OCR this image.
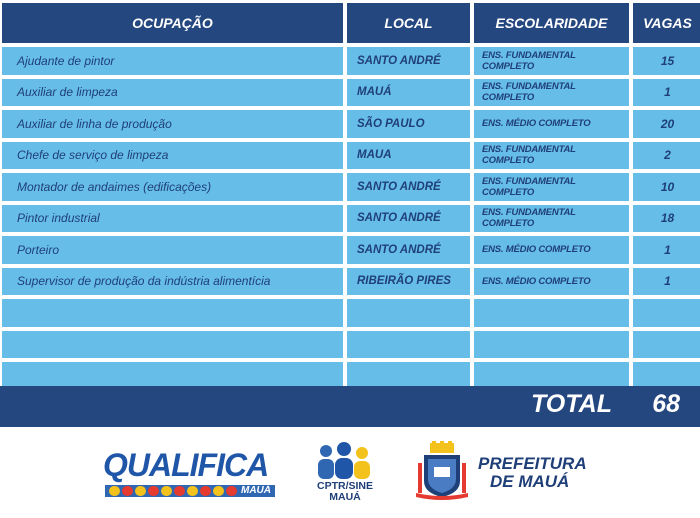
OCUPAÇÃO	LOCAL	ESCOLARIDADE	VAGAS
Ajudante de pintor	SANTO ANDRÉ	ENS. FUNDAMENTAL COMPLETO	15
Auxiliar de limpeza	MAUÁ	ENS. FUNDAMENTAL COMPLETO	1
Auxiliar de linha de produção	SÃO PAULO	ENS. MÉDIO COMPLETO	20
Chefe de serviço de limpeza	MAUA	ENS. FUNDAMENTAL COMPLETO	2
Montador de andaimes (edificações)	SANTO ANDRÉ	ENS. FUNDAMENTAL COMPLETO	10
Pintor industrial	SANTO ANDRÉ	ENS. FUNDAMENTAL COMPLETO	18
Porteiro	SANTO ANDRÉ	ENS. MÉDIO COMPLETO	1
Supervisor de produção da indústria alimentícia	RIBEIRÃO PIRES	ENS. MÉDIO COMPLETO	1
TOTAL 68
QUALIFICA
MAUÁ	CPTR/SINE
MAUÁ
PREFEITURA
DE MAUÁ
